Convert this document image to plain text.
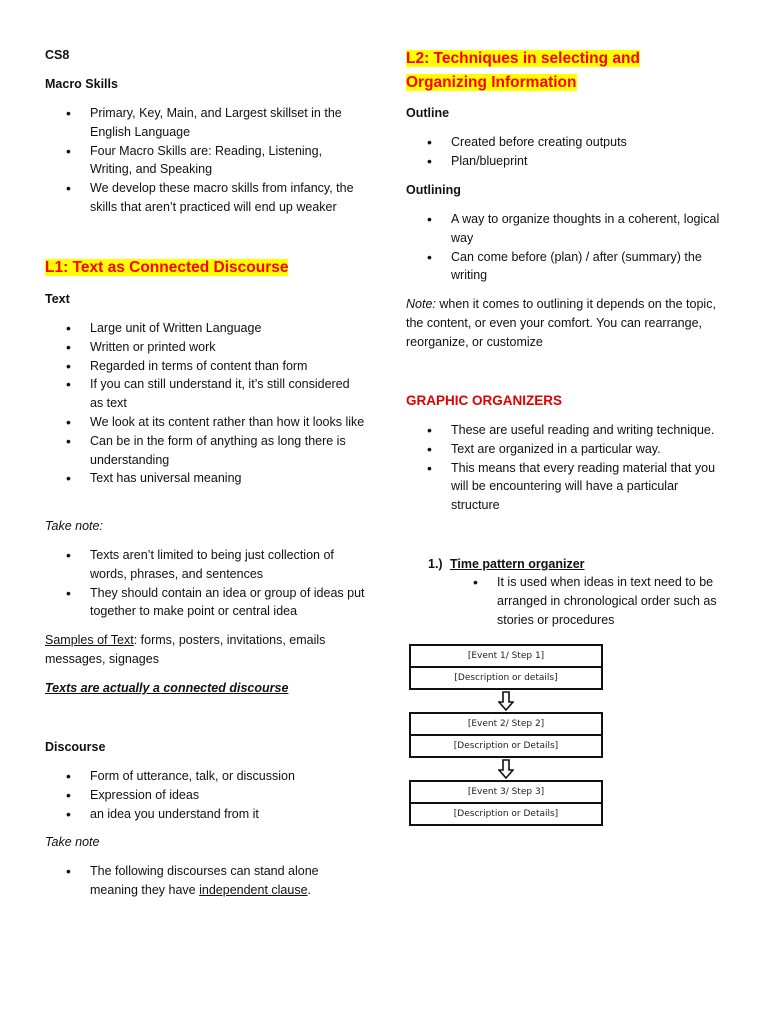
CS8
Macro Skills
• Primary, Key, Main, and Largest skillset in the English Language
• Four Macro Skills are: Reading, Listening, Writing, and Speaking
• We develop these macro skills from infancy, the skills that aren’t practiced will end up weaker
L1: Text as Connected Discourse
Text
• Large unit of Written Language
• Written or printed work
• Regarded in terms of content than form
• If you can still understand it, it’s still considered as text
• We look at its content rather than how it looks like
• Can be in the form of anything as long there is understanding
• Text has universal meaning
Take note:
• Texts aren’t limited to being just collection of words, phrases, and sentences
• They should contain an idea or group of ideas put together to make point or central idea
Samples of Text: forms, posters, invitations, emails messages, signages
Texts are actually a connected discourse
Discourse
• Form of utterance, talk, or discussion
• Expression of ideas
• an idea you understand from it
Take note
• The following discourses can stand alone meaning they have independent clause.
L2: Techniques in selecting and Organizing Information
Outline
• Created before creating outputs
• Plan/blueprint
Outlining
• A way to organize thoughts in a coherent, logical way
• Can come before (plan) / after (summary) the writing
Note: when it comes to outlining it depends on the topic, the content, or even your comfort. You can rearrange, reorganize, or customize
GRAPHIC ORGANIZERS
• These are useful reading and writing technique.
• Text are organized in a particular way.
• This means that every reading material that you will be encountering will have a particular structure
1.) Time pattern organizer
• It is used when ideas in text need to be arranged in chronological order such as stories or procedures
[Event 1/ Step 1]
[Description or details]
[Event 2/ Step 2]
[Description or Details]
[Event 3/ Step 3]
[Description or Details]
